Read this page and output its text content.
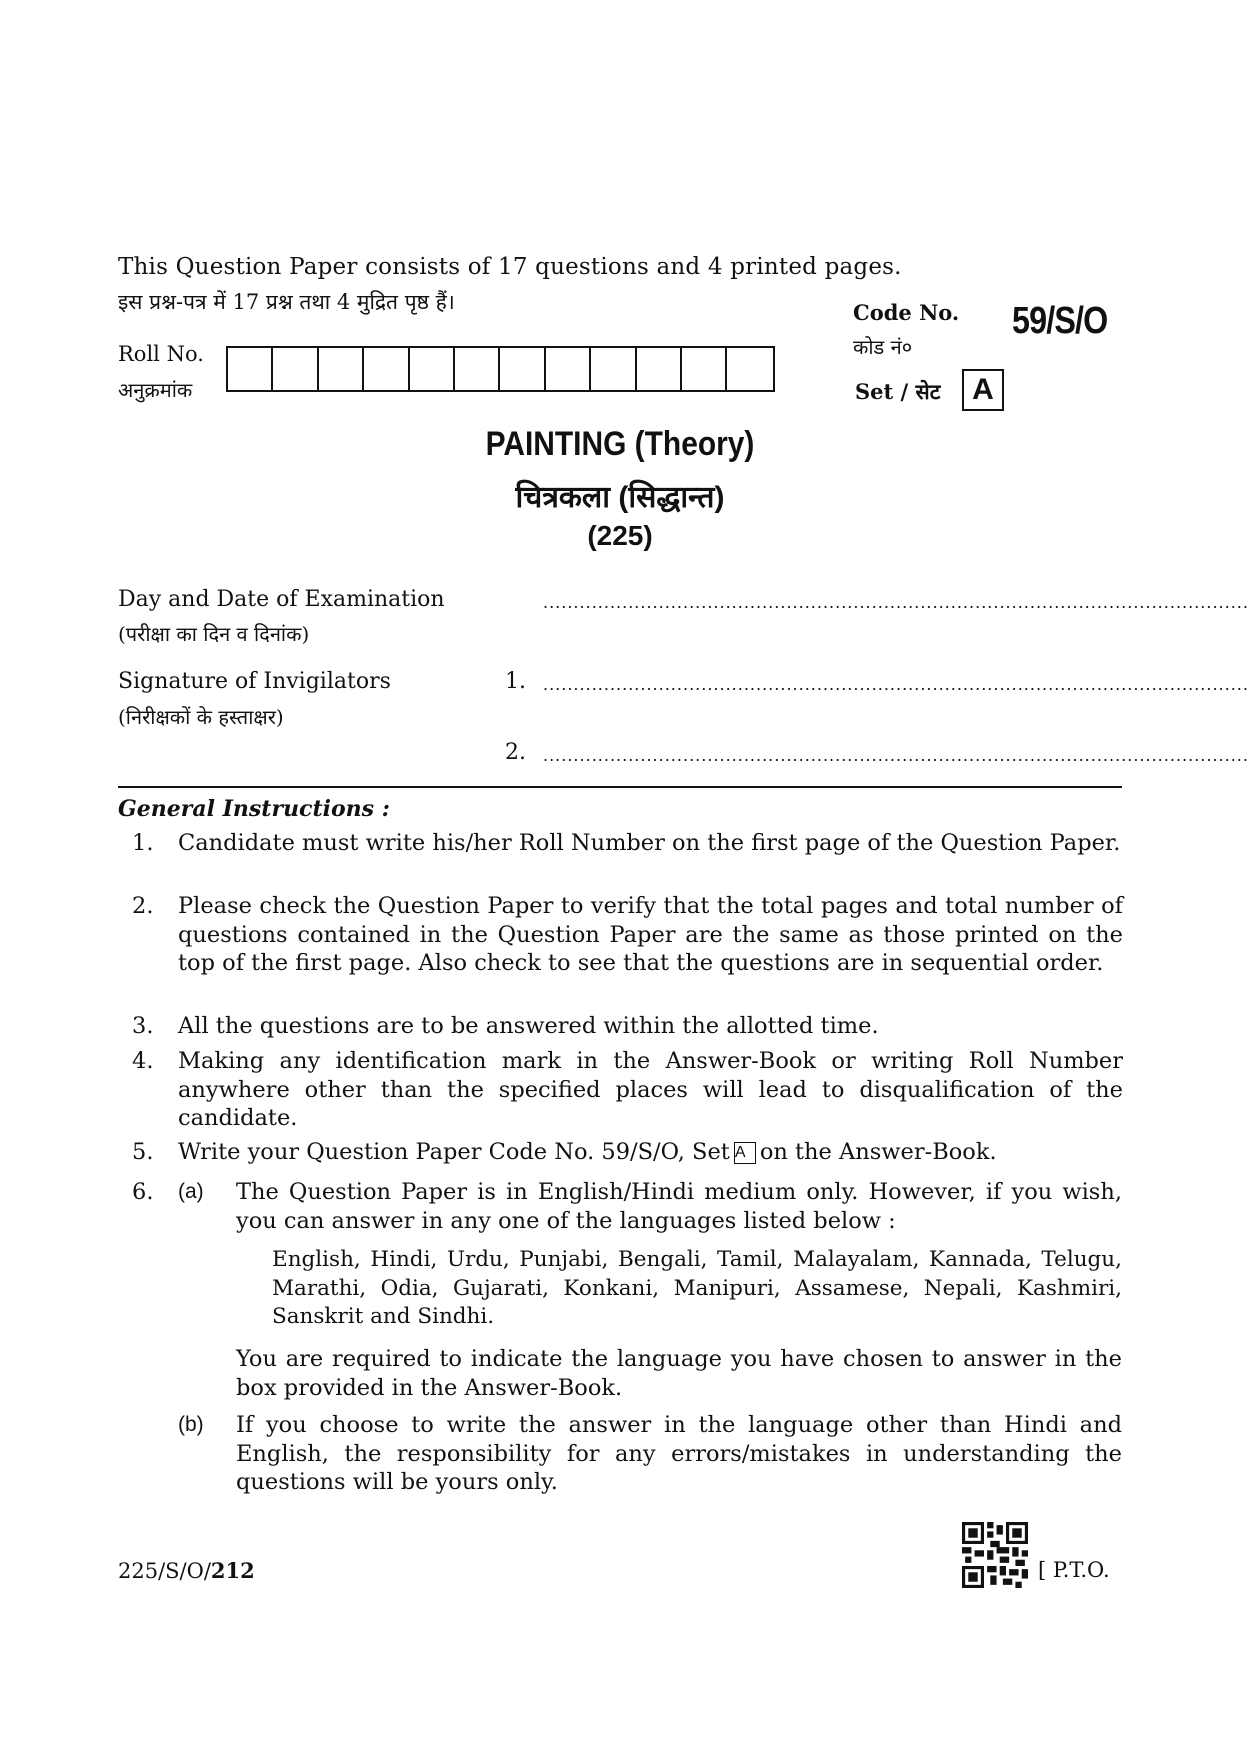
This Question Paper consists of 17 questions and 4 printed pages.
इस प्रश्न-पत्र में 17 प्रश्न तथा 4 मुद्रित पृष्ठ हैं।	Code No.
कोड नं०
59/S/O
Set / सेट	A
Roll No.
अनुक्रमांक
PAINTING (Theory)
चित्रकला (सिद्धान्त)
(225)
Day and Date of Examination
(परीक्षा का दिन व दिनांक)
....................................................................................................................
Signature of Invigilators
(निरीक्षकों के हस्ताक्षर)
1. ....................................................................................................................
2. ....................................................................................................................
General Instructions :
1. Candidate must write his/her Roll Number on the first page of the Question Paper.
2. Please check the Question Paper to verify that the total pages and total number of questions contained in the Question Paper are the same as those printed on the top of the first page. Also check to see that the questions are in sequential order.
3. All the questions are to be answered within the allotted time.
4. Making any identification mark in the Answer-Book or writing Roll Number anywhere other than the specified places will lead to disqualification of the candidate.
5. Write your Question Paper Code No. 59/S/O, Set A on the Answer-Book.
6. (a) The Question Paper is in English/Hindi medium only. However, if you wish, you can answer in any one of the languages listed below :
English, Hindi, Urdu, Punjabi, Bengali, Tamil, Malayalam, Kannada, Telugu, Marathi, Odia, Gujarati, Konkani, Manipuri, Assamese, Nepali, Kashmiri, Sanskrit and Sindhi.
You are required to indicate the language you have chosen to answer in the box provided in the Answer-Book.
(b) If you choose to write the answer in the language other than Hindi and English, the responsibility for any errors/mistakes in understanding the questions will be yours only.
225/S/O/212	[ P.T.O.
